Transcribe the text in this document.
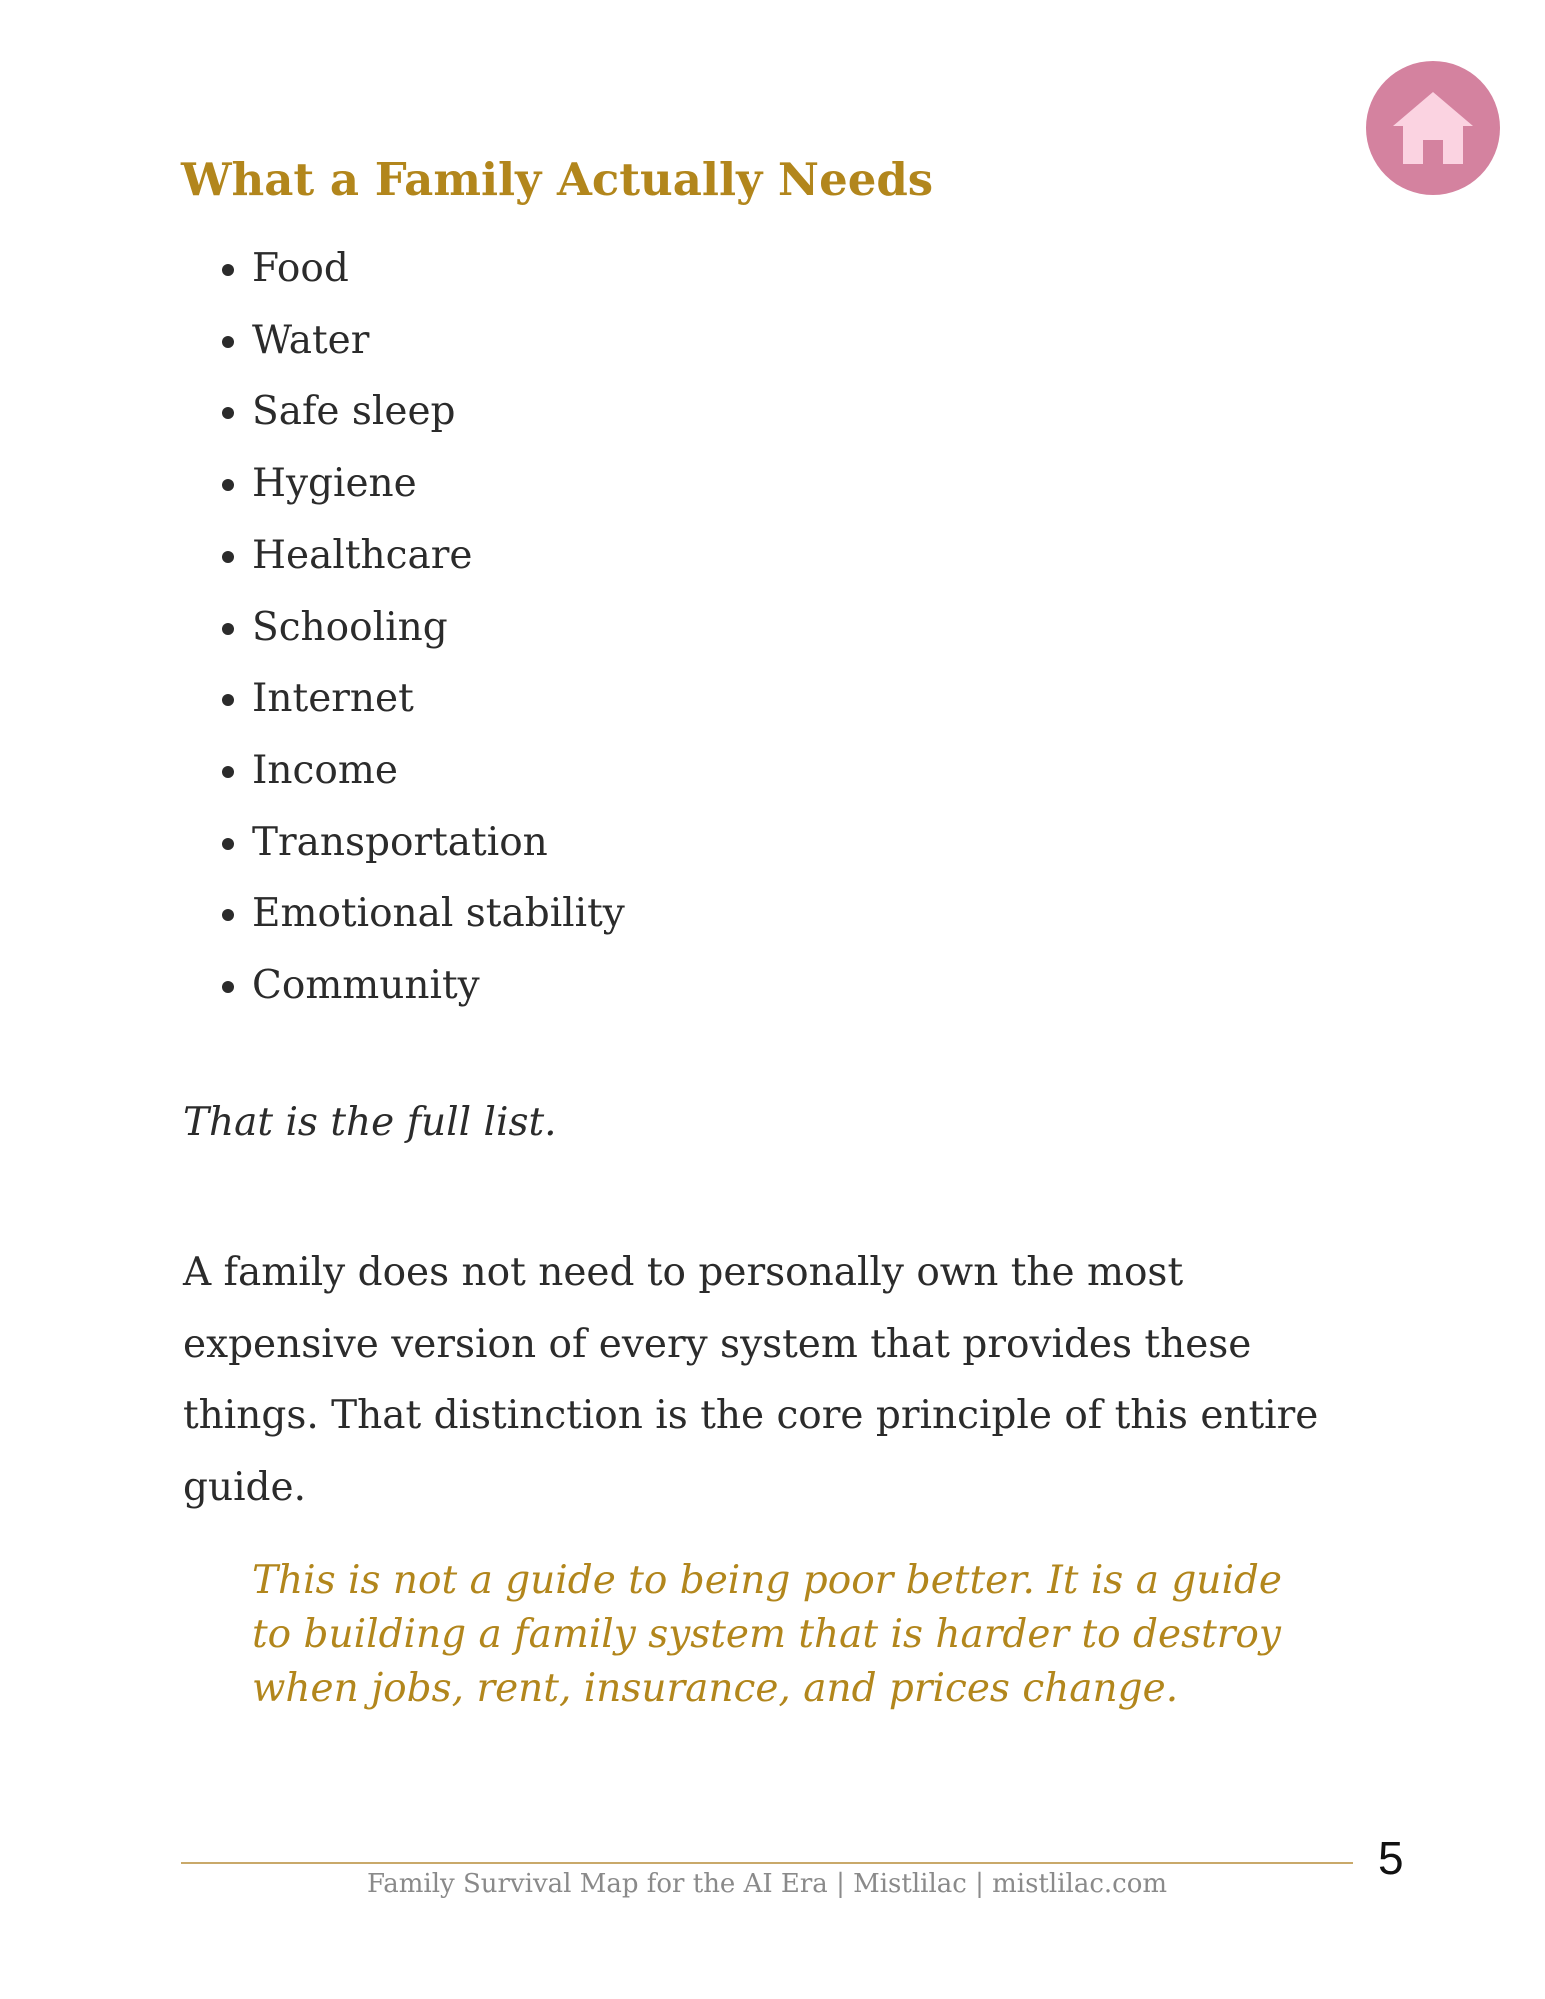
What a Family Actually Needs
• Food
• Water
• Safe sleep
• Hygiene
• Healthcare
• Schooling
• Internet
• Income
• Transportation
• Emotional stability
• Community

That is the full list.

A family does not need to personally own the most expensive version of every system that provides these things. That distinction is the core principle of this entire guide.

This is not a guide to being poor better. It is a guide to building a family system that is harder to destroy when jobs, rent, insurance, and prices change.

Family Survival Map for the AI Era | Mistlilac | mistlilac.com	5
